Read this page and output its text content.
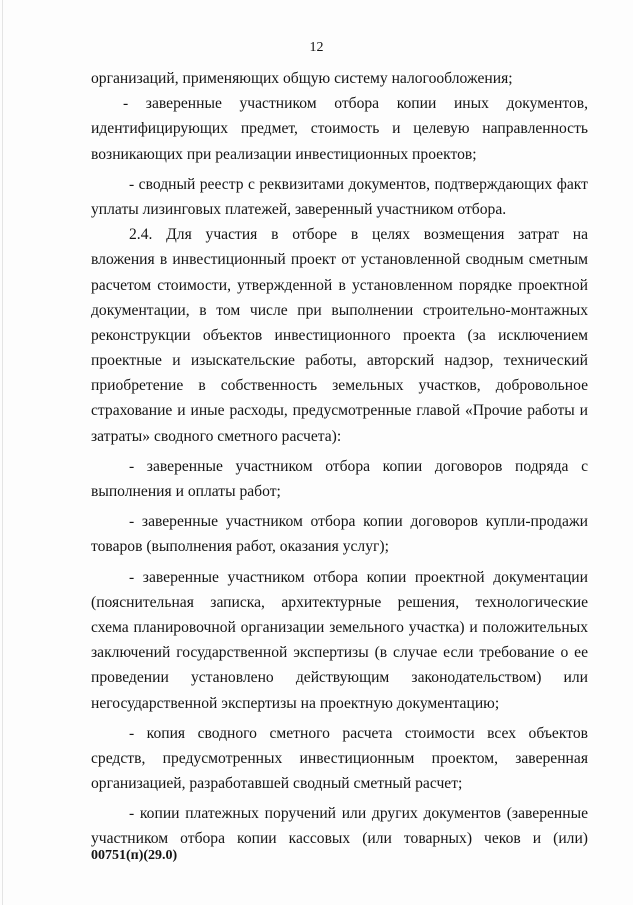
12
организаций, применяющих общую систему налогообложения;
- заверенные участником отбора копии иных документов,
идентифицирующих предмет, стоимость и целевую направленность
возникающих при реализации инвестиционных проектов;
- сводный реестр с реквизитами документов, подтверждающих факт
уплаты лизинговых платежей, заверенный участником отбора.
2.4. Для участия в отборе в целях возмещения затрат на
вложения в инвестиционный проект от установленной сводным сметным
расчетом стоимости, утвержденной в установленном порядке проектной
документации, в том числе при выполнении строительно-монтажных
реконструкции объектов инвестиционного проекта (за исключением
проектные и изыскательские работы, авторский надзор, технический
приобретение в собственность земельных участков, добровольное
страхование и иные расходы, предусмотренные главой «Прочие работы и
затраты» сводного сметного расчета):
- заверенные участником отбора копии договоров подряда с
выполнения и оплаты работ;
- заверенные участником отбора копии договоров купли-продажи
товаров (выполнения работ, оказания услуг);
- заверенные участником отбора копии проектной документации
(пояснительная записка, архитектурные решения, технологические
схема планировочной организации земельного участка) и положительных
заключений государственной экспертизы (в случае если требование о ее
проведении установлено действующим законодательством) или
негосударственной экспертизы на проектную документацию;
- копия сводного сметного расчета стоимости всех объектов
средств, предусмотренных инвестиционным проектом, заверенная
организацией, разработавшей сводный сметный расчет;
- копии платежных поручений или других документов (заверенные
участником отбора копии кассовых (или товарных) чеков и (или)
00751(п)(29.0)
